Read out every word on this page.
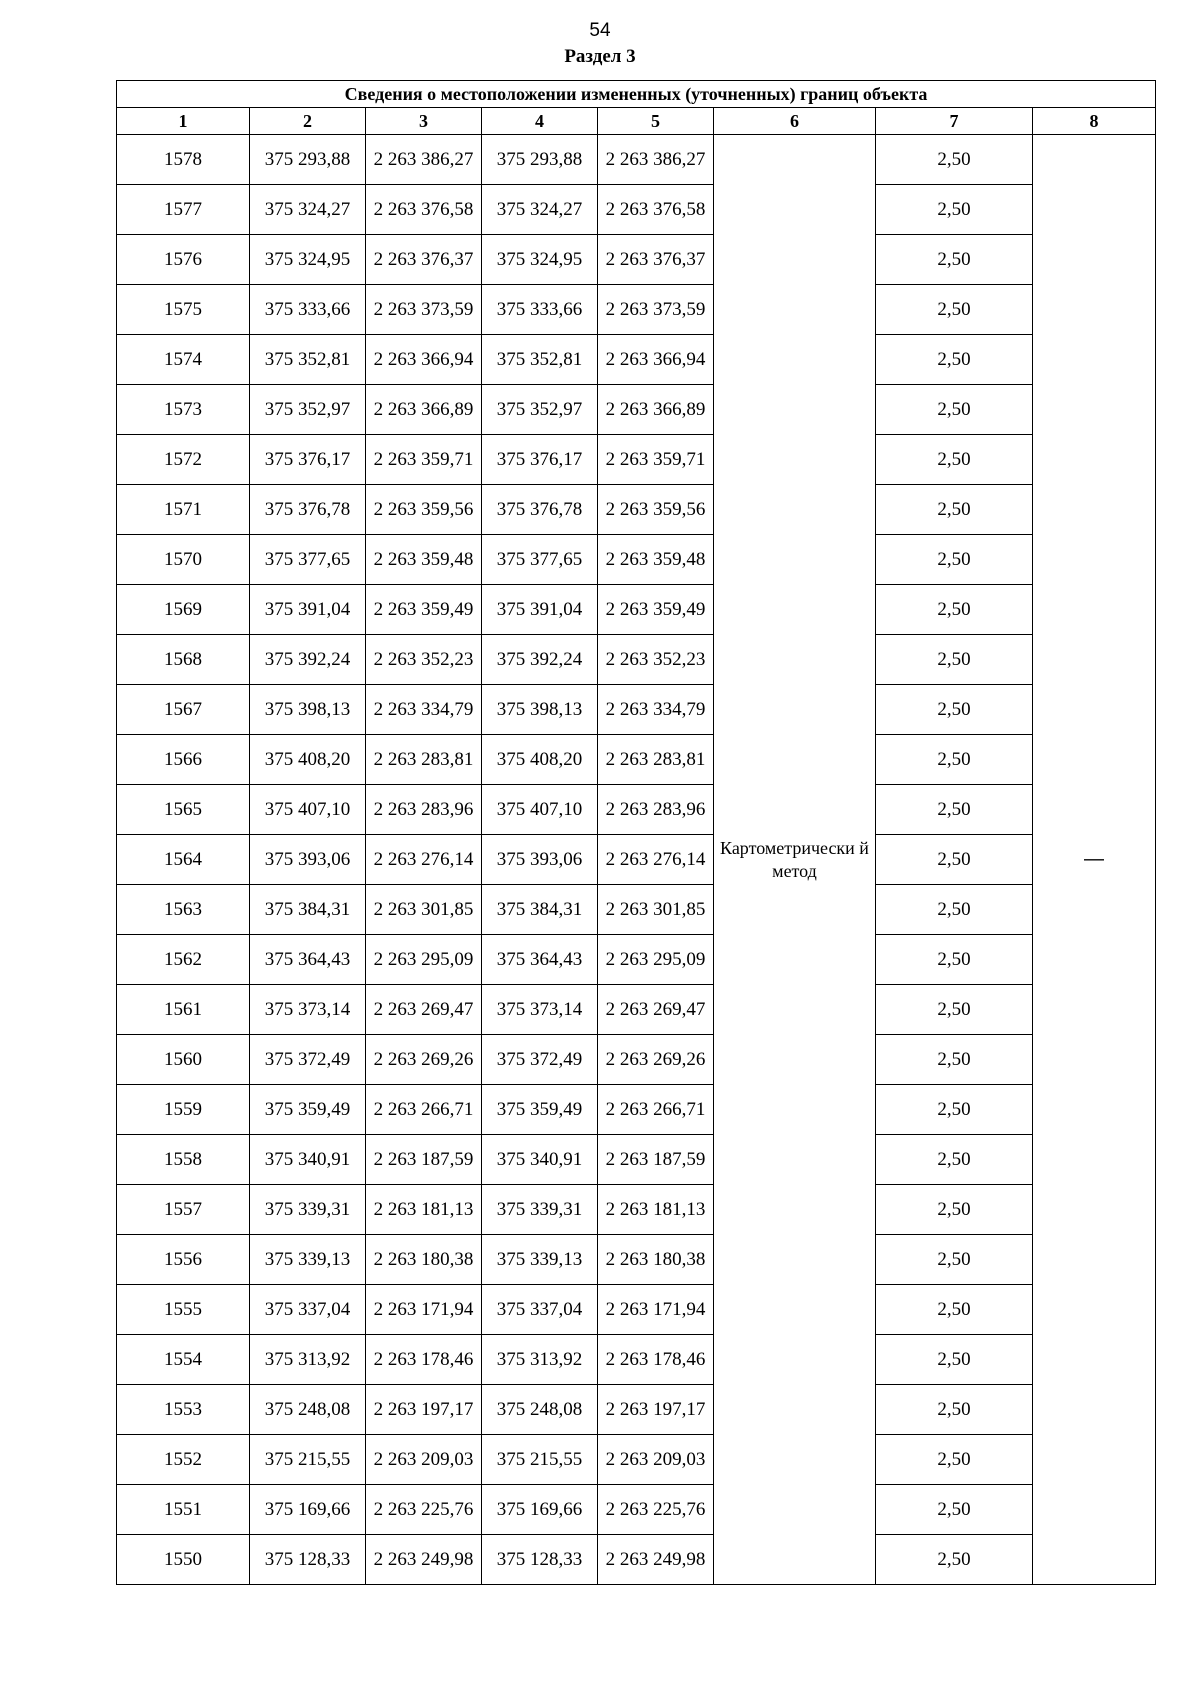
54
Раздел 3
Сведения о местоположении измененных (уточненных) границ объекта							
1	2	3	4	5	6	7	8
1578	375 293,88	2 263 386,27	375 293,88	2 263 386,27	Картометрически й метод	2,50	—
1577	375 324,27	2 263 376,58	375 324,27	2 263 376,58		2,50	
1576	375 324,95	2 263 376,37	375 324,95	2 263 376,37		2,50	
1575	375 333,66	2 263 373,59	375 333,66	2 263 373,59		2,50	
1574	375 352,81	2 263 366,94	375 352,81	2 263 366,94		2,50	
1573	375 352,97	2 263 366,89	375 352,97	2 263 366,89		2,50	
1572	375 376,17	2 263 359,71	375 376,17	2 263 359,71		2,50	
1571	375 376,78	2 263 359,56	375 376,78	2 263 359,56		2,50	
1570	375 377,65	2 263 359,48	375 377,65	2 263 359,48		2,50	
1569	375 391,04	2 263 359,49	375 391,04	2 263 359,49		2,50	
1568	375 392,24	2 263 352,23	375 392,24	2 263 352,23		2,50	
1567	375 398,13	2 263 334,79	375 398,13	2 263 334,79		2,50	
1566	375 408,20	2 263 283,81	375 408,20	2 263 283,81		2,50	
1565	375 407,10	2 263 283,96	375 407,10	2 263 283,96		2,50	
1564	375 393,06	2 263 276,14	375 393,06	2 263 276,14		2,50	
1563	375 384,31	2 263 301,85	375 384,31	2 263 301,85		2,50	
1562	375 364,43	2 263 295,09	375 364,43	2 263 295,09		2,50	
1561	375 373,14	2 263 269,47	375 373,14	2 263 269,47		2,50	
1560	375 372,49	2 263 269,26	375 372,49	2 263 269,26		2,50	
1559	375 359,49	2 263 266,71	375 359,49	2 263 266,71		2,50	
1558	375 340,91	2 263 187,59	375 340,91	2 263 187,59		2,50	
1557	375 339,31	2 263 181,13	375 339,31	2 263 181,13		2,50	
1556	375 339,13	2 263 180,38	375 339,13	2 263 180,38		2,50	
1555	375 337,04	2 263 171,94	375 337,04	2 263 171,94		2,50	
1554	375 313,92	2 263 178,46	375 313,92	2 263 178,46		2,50	
1553	375 248,08	2 263 197,17	375 248,08	2 263 197,17		2,50	
1552	375 215,55	2 263 209,03	375 215,55	2 263 209,03		2,50	
1551	375 169,66	2 263 225,76	375 169,66	2 263 225,76		2,50	
1550	375 128,33	2 263 249,98	375 128,33	2 263 249,98		2,50	
